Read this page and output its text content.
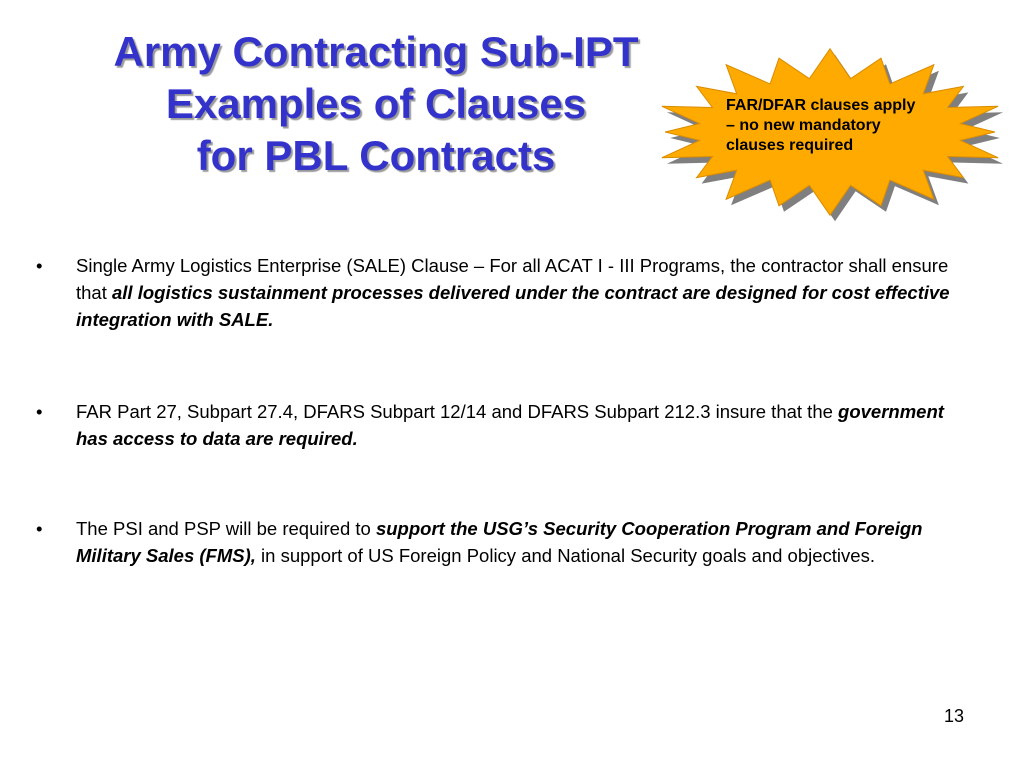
Army Contracting Sub-IPT
Examples of Clauses
for PBL Contracts

FAR/DFAR clauses apply
– no new mandatory
clauses required

•	Single Army Logistics Enterprise (SALE) Clause – For all ACAT I - III Programs, the contractor shall ensure that all logistics sustainment processes delivered under the contract are designed for cost effective integration with SALE.
•	FAR Part 27, Subpart 27.4, DFARS Subpart 12/14 and DFARS Subpart 212.3 insure that the government has access to data are required.
•	The PSI and PSP will be required to support the USG’s Security Cooperation Program and Foreign Military Sales (FMS), in support of US Foreign Policy and National Security goals and objectives.
13
